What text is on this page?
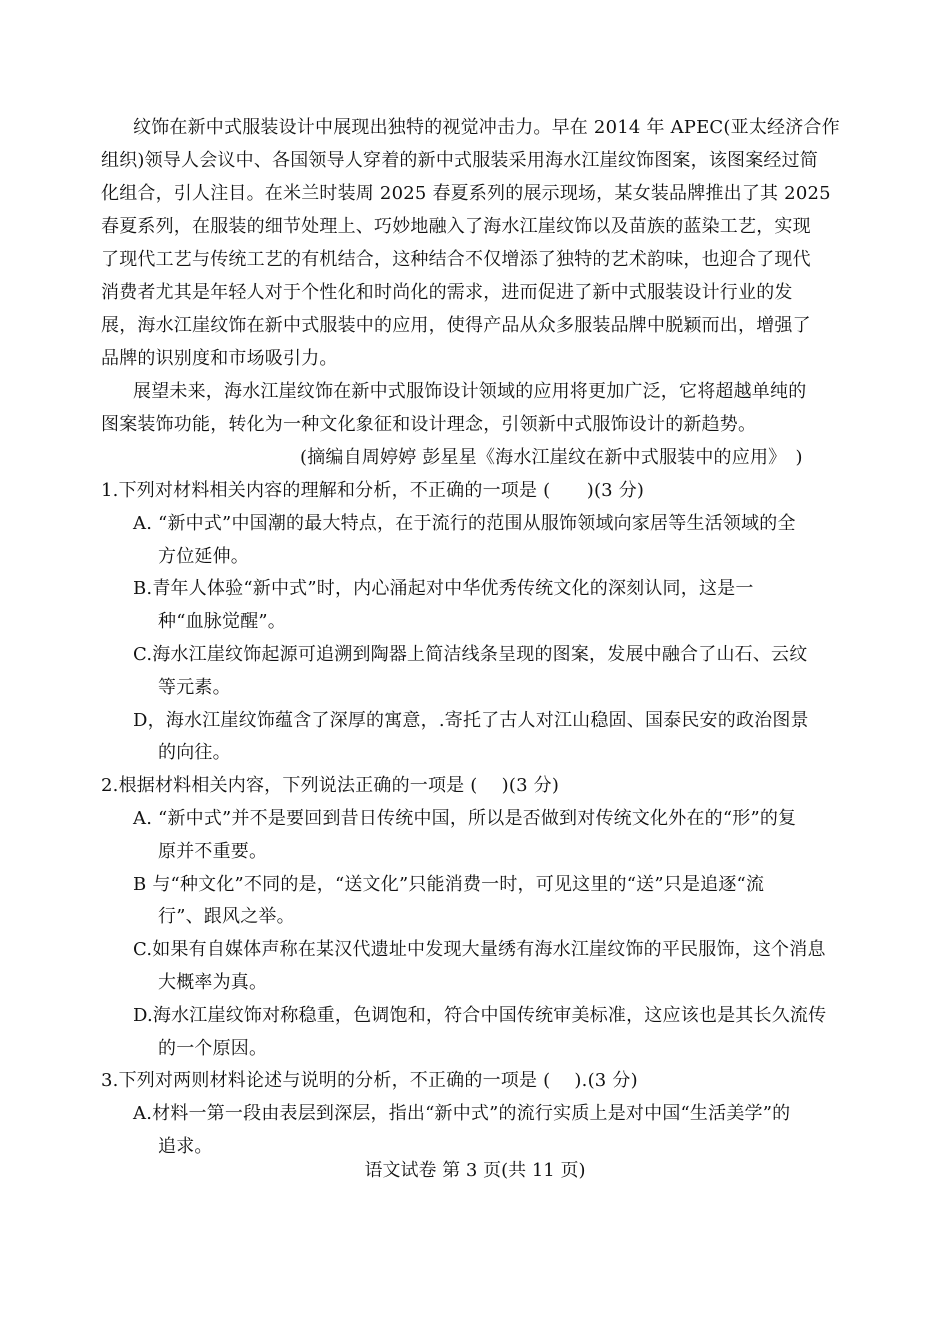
纹饰在新中式服装设计中展现出独特的视觉冲击力。早在 2014 年 APEC(亚太经济合作
组织)领导人会议中、各国领导人穿着的新中式服装采用海水江崖纹饰图案，该图案经过简
化组合，引人注目。在米兰时装周 2025 春夏系列的展示现场，某女装品牌推出了其 2025
春夏系列，在服装的细节处理上、巧妙地融入了海水江崖纹饰以及苗族的蓝染工艺，实现
了现代工艺与传统工艺的有机结合，这种结合不仅增添了独特的艺术韵味，也迎合了现代
消费者尤其是年轻人对于个性化和时尚化的需求，进而促进了新中式服装设计行业的发
展，海水江崖纹饰在新中式服装中的应用，使得产品从众多服装品牌中脱颖而出，增强了
品牌的识别度和市场吸引力。
展望未来，海水江崖纹饰在新中式服饰设计领域的应用将更加广泛，它将超越单纯的
图案装饰功能，转化为一种文化象征和设计理念，引领新中式服饰设计的新趋势。
(摘编自周婷婷 彭星星《海水江崖纹在新中式服装中的应用》　)
1.下列对材料相关内容的理解和分析，不正确的一项是 (　　)(3 分)
A. “新中式”中国潮的最大特点，在于流行的范围从服饰领域向家居等生活领域的全
方位延伸。
B.青年人体验“新中式”时，内心涌起对中华优秀传统文化的深刻认同，这是一
种“血脉觉醒”。
C.海水江崖纹饰起源可追溯到陶器上简洁线条呈现的图案，发展中融合了山石、云纹
等元素。
D，海水江崖纹饰蕴含了深厚的寓意，.寄托了古人对江山稳固、国泰民安的政治图景
的向往。
2.根据材料相关内容，下列说法正确的一项是 (　 )(3 分)
A. “新中式”并不是要回到昔日传统中国，所以是否做到对传统文化外在的“形”的复
原并不重要。
B 与“种文化”不同的是，“送文化”只能消费一时，可见这里的“送”只是追逐“流
行”、跟风之举。
C.如果有自媒体声称在某汉代遗址中发现大量绣有海水江崖纹饰的平民服饰，这个消息
大概率为真。
D.海水江崖纹饰对称稳重，色调饱和，符合中国传统审美标准，这应该也是其长久流传
的一个原因。
3.下列对两则材料论述与说明的分析，不正确的一项是 (　 ).(3 分)
A.材料一第一段由表层到深层，指出“新中式”的流行实质上是对中国“生活美学”的
追求。
语文试卷 第 3 页(共 11 页)
